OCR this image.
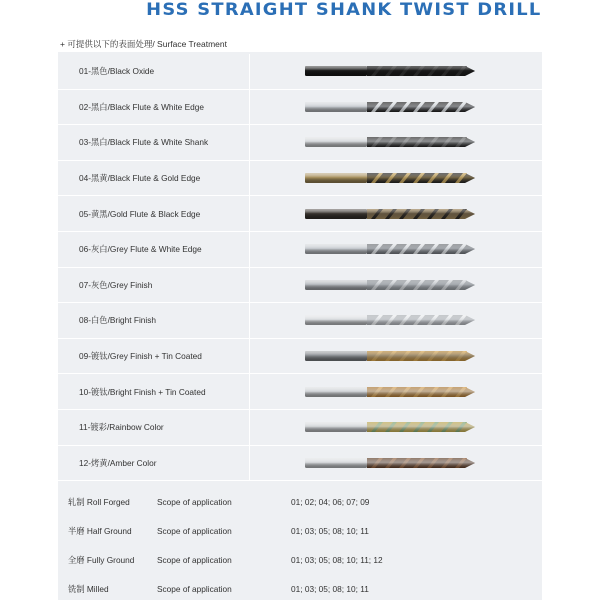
HSS STRAIGHT SHANK TWIST DRILL
+ 可提供以下的表面处理/ Surface Treatment
01-黑色/Black Oxide
02-黑白/Black Flute & White Edge
03-黑白/Black Flute & White Shank
04-黑黄/Black Flute & Gold Edge
05-黄黑/Gold Flute & Black Edge
06-灰白/Grey Flute & White Edge
07-灰色/Grey Finish
08-白色/Bright Finish
09-镀钛/Grey Finish + Tin Coated
10-镀钛/Bright Finish + Tin Coated
11-镀彩/Rainbow Color
12-烤黄/Amber Color
轧制 Roll Forged	Scope of application	01; 02; 04; 06; 07; 09
半磨 Half Ground	Scope of application	01; 03; 05; 08; 10; 11
全磨 Fully Ground	Scope of application	01; 03; 05; 08; 10; 11; 12
铣制 Milled	Scope of application	01; 03; 05; 08; 10; 11
